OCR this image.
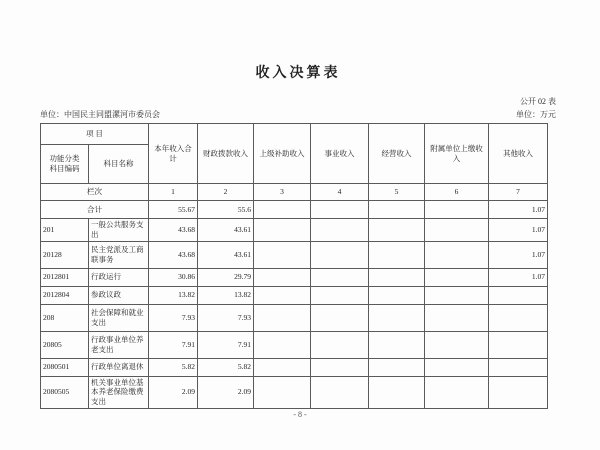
收入决算表
公开 02 表
单位：中国民主同盟漯河市委员会	单位：万元
项 目		本年收入合计	财政拨款收入	上级补助收入	事业收入	经营收入	附属单位上缴收入	其他收入
功能分类
科目编码	科目名称							
栏次		1	2	3	4	5	6	7
合计		55.67	55.6					1.07
201	一般公共服务支出	43.68	43.61					1.07
20128	民主党派及工商联事务	43.68	43.61					1.07
2012801	行政运行	30.86	29.79					1.07
2012804	参政议政	13.82	13.82					
208	社会保障和就业支出	7.93	7.93					
20805	行政事业单位养老支出	7.91	7.91					
2080501	行政单位离退休	5.82	5.82					
2080505	机关事业单位基本养老保险缴费支出	2.09	2.09					
- 8 -
